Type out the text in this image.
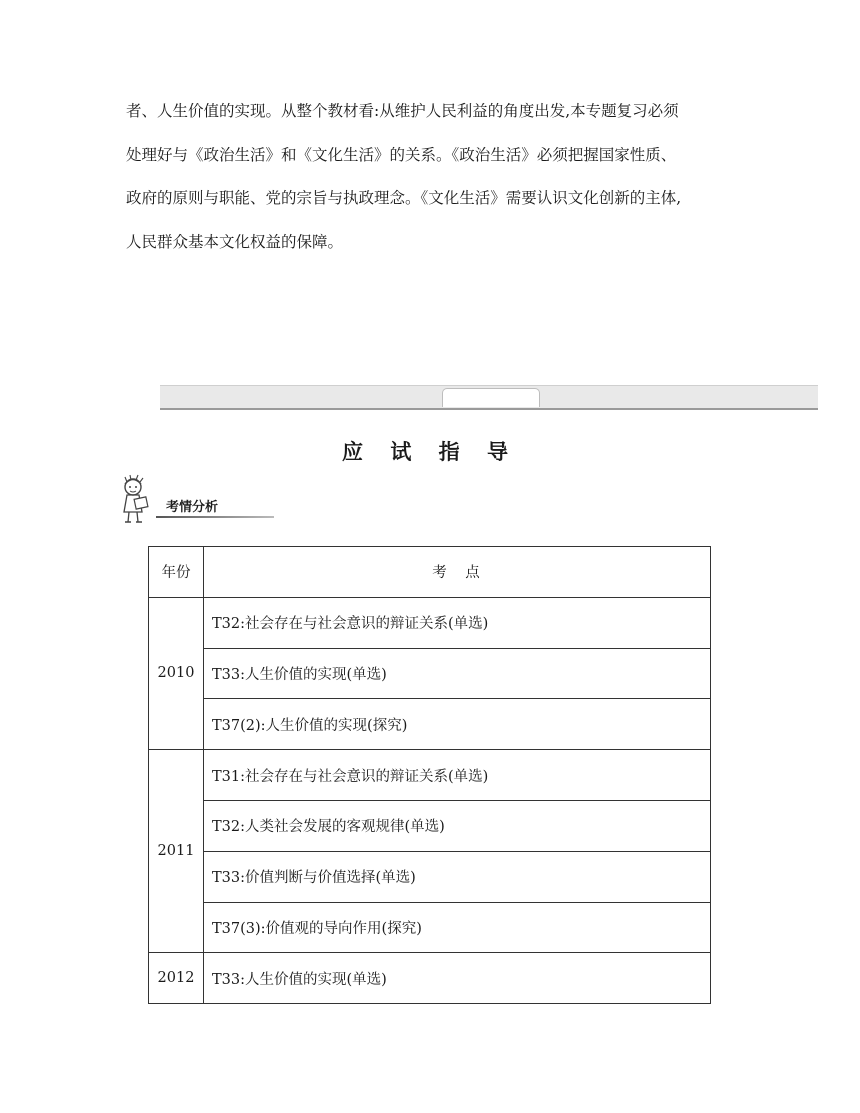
者、人生价值的实现。从整个教材看:从维护人民利益的角度出发,本专题复习必须

处理好与《政治生活》和《文化生活》的关系。《政治生活》必须把握国家性质、

政府的原则与职能、党的宗旨与执政理念。《文化生活》需要认识文化创新的主体,

人民群众基本文化权益的保障。

应 试 指 导
考情分析
年份	考　点
2010	T32:社会存在与社会意识的辩证关系(单选)
	T33:人生价值的实现(单选)
	T37(2):人生价值的实现(探究)
2011	T31:社会存在与社会意识的辩证关系(单选)
	T32:人类社会发展的客观规律(单选)
	T33:价值判断与价值选择(单选)
	T37(3):价值观的导向作用(探究)
2012	T33:人生价值的实现(单选)
